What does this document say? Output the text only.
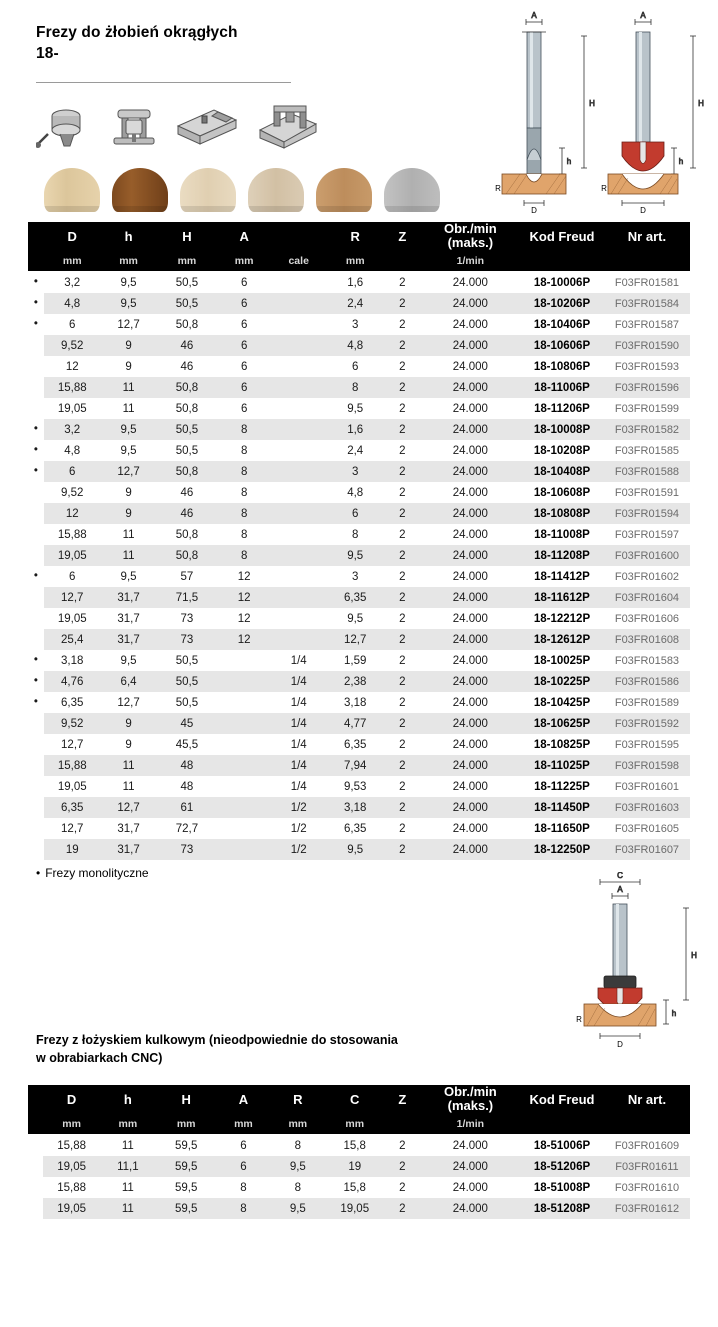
Frezy do żłobień okrągłych
18-
A
H
h
R
D
A
H
h
R
D
	D	h	H	A		R	Z	Obr./min
(maks.)	Kod Freud	Nr art.
	mm	mm	mm	mm	cale	mm		1/min		
•	3,2	9,5	50,5	6		1,6	2	24.000	18-10006P	F03FR01581
•	4,8	9,5	50,5	6		2,4	2	24.000	18-10206P	F03FR01584
•	6	12,7	50,8	6		3	2	24.000	18-10406P	F03FR01587
	9,52	9	46	6		4,8	2	24.000	18-10606P	F03FR01590
	12	9	46	6		6	2	24.000	18-10806P	F03FR01593
	15,88	11	50,8	6		8	2	24.000	18-11006P	F03FR01596
	19,05	11	50,8	6		9,5	2	24.000	18-11206P	F03FR01599
•	3,2	9,5	50,5	8		1,6	2	24.000	18-10008P	F03FR01582
•	4,8	9,5	50,5	8		2,4	2	24.000	18-10208P	F03FR01585
•	6	12,7	50,8	8		3	2	24.000	18-10408P	F03FR01588
	9,52	9	46	8		4,8	2	24.000	18-10608P	F03FR01591
	12	9	46	8		6	2	24.000	18-10808P	F03FR01594
	15,88	11	50,8	8		8	2	24.000	18-11008P	F03FR01597
	19,05	11	50,8	8		9,5	2	24.000	18-11208P	F03FR01600
•	6	9,5	57	12		3	2	24.000	18-11412P	F03FR01602
	12,7	31,7	71,5	12		6,35	2	24.000	18-11612P	F03FR01604
	19,05	31,7	73	12		9,5	2	24.000	18-12212P	F03FR01606
	25,4	31,7	73	12		12,7	2	24.000	18-12612P	F03FR01608
•	3,18	9,5	50,5		1/4	1,59	2	24.000	18-10025P	F03FR01583
•	4,76	6,4	50,5		1/4	2,38	2	24.000	18-10225P	F03FR01586
•	6,35	12,7	50,5		1/4	3,18	2	24.000	18-10425P	F03FR01589
	9,52	9	45		1/4	4,77	2	24.000	18-10625P	F03FR01592
	12,7	9	45,5		1/4	6,35	2	24.000	18-10825P	F03FR01595
	15,88	11	48		1/4	7,94	2	24.000	18-11025P	F03FR01598
	19,05	11	48		1/4	9,53	2	24.000	18-11225P	F03FR01601
	6,35	12,7	61		1/2	3,18	2	24.000	18-11450P	F03FR01603
	12,7	31,7	72,7		1/2	6,35	2	24.000	18-11650P	F03FR01605
	19	31,7	73		1/2	9,5	2	24.000	18-12250P	F03FR01607
• Frezy monolityczne	C
A
R
H
h
D
Frezy z łożyskiem kulkowym (nieodpowiednie do stosowania
w obrabiarkach CNC)
	D	h	H	A	R	C	Z	Obr./min
(maks.)	Kod Freud	Nr art.
	mm	mm	mm	mm	mm	mm		1/min		
	15,88	11	59,5	6	8	15,8	2	24.000	18-51006P	F03FR01609
	19,05	11,1	59,5	6	9,5	19	2	24.000	18-51206P	F03FR01611
	15,88	11	59,5	8	8	15,8	2	24.000	18-51008P	F03FR01610
	19,05	11	59,5	8	9,5	19,05	2	24.000	18-51208P	F03FR01612
